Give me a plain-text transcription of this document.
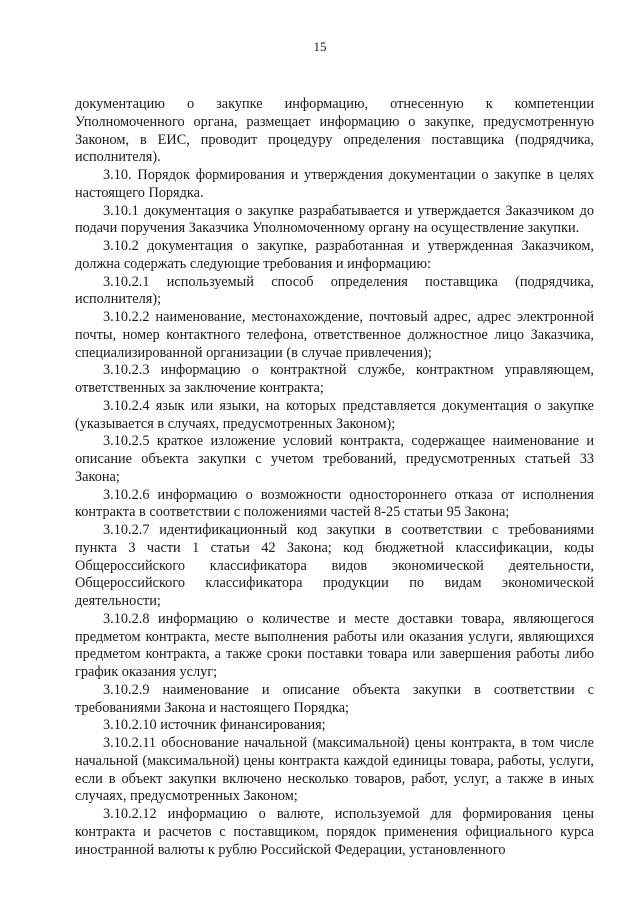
15

документацию о закупке информацию, отнесенную к компетенции Уполномоченного органа, размещает информацию о закупке, предусмотренную Законом, в ЕИС, проводит процедуру определения поставщика (подрядчика, исполнителя).

3.10. Порядок формирования и утверждения документации о закупке в целях настоящего Порядка.

3.10.1 документация о закупке разрабатывается и утверждается Заказчиком до подачи поручения Заказчика Уполномоченному органу на осуществление закупки.

3.10.2 документация о закупке, разработанная и утвержденная Заказчиком, должна содержать следующие требования и информацию:

3.10.2.1 используемый способ определения поставщика (подрядчика, исполнителя);

3.10.2.2 наименование, местонахождение, почтовый адрес, адрес электронной почты, номер контактного телефона, ответственное должностное лицо Заказчика, специализированной организации (в случае привлечения);

3.10.2.3 информацию о контрактной службе, контрактном управляющем, ответственных за заключение контракта;

3.10.2.4 язык или языки, на которых представляется документация о закупке (указывается в случаях, предусмотренных Законом);

3.10.2.5 краткое изложение условий контракта, содержащее наименование и описание объекта закупки с учетом требований, предусмотренных статьей 33 Закона;

3.10.2.6 информацию о возможности одностороннего отказа от исполнения контракта в соответствии с положениями частей 8-25 статьи 95 Закона;

3.10.2.7 идентификационный код закупки в соответствии с требованиями пункта 3 части 1 статьи 42 Закона; код бюджетной классификации, коды Общероссийского классификатора видов экономической деятельности, Общероссийского классификатора продукции по видам экономической деятельности;

3.10.2.8 информацию о количестве и месте доставки товара, являющегося предметом контракта, месте выполнения работы или оказания услуги, являющихся предметом контракта, а также сроки поставки товара или завершения работы либо график оказания услуг;

3.10.2.9 наименование и описание объекта закупки в соответствии с требованиями Закона и настоящего Порядка;

3.10.2.10 источник финансирования;

3.10.2.11 обоснование начальной (максимальной) цены контракта, в том числе начальной (максимальной) цены контракта каждой единицы товара, работы, услуги, если в объект закупки включено несколько товаров, работ, услуг, а также в иных случаях, предусмотренных Законом;

3.10.2.12 информацию о валюте, используемой для формирования цены контракта и расчетов с поставщиком, порядок применения официального курса иностранной валюты к рублю Российской Федерации, установленного
